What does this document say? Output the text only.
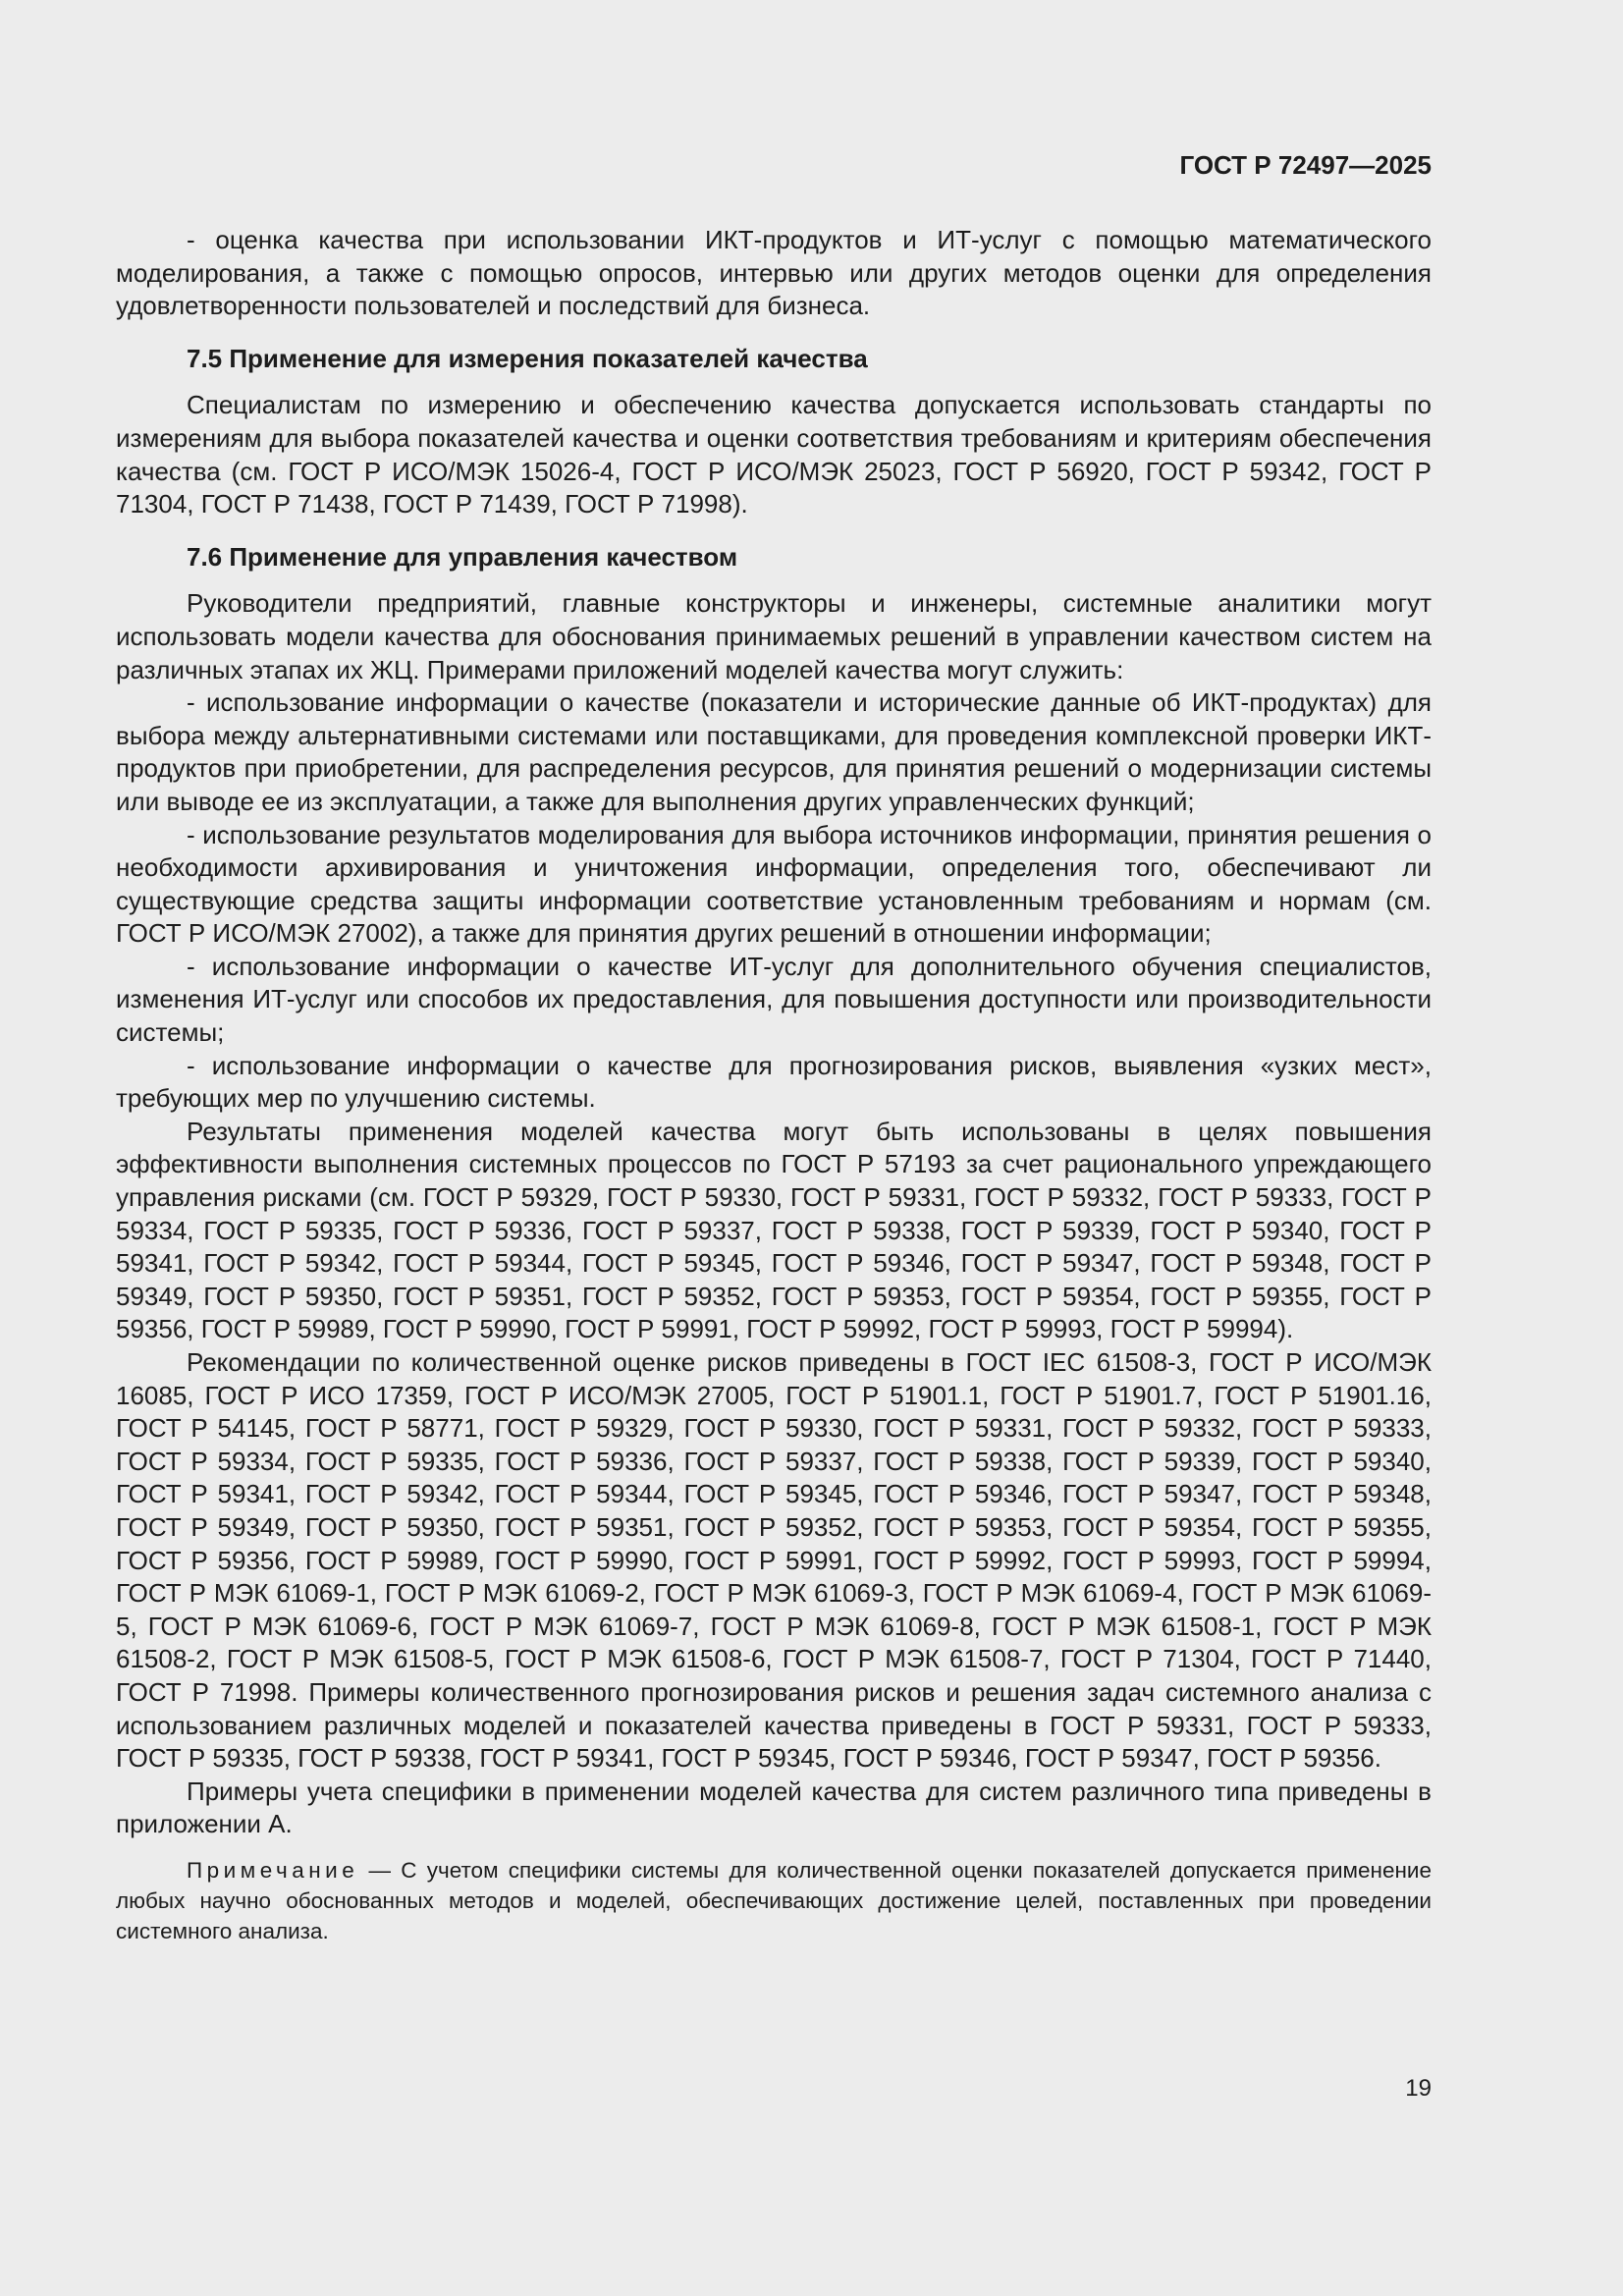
ГОСТ Р 72497—2025

- оценка качества при использовании ИКТ-продуктов и ИТ-услуг с помощью математического моделирования, а также с помощью опросов, интервью или других методов оценки для определения удовлетворенности пользователей и последствий для бизнеса.

7.5 Применение для измерения показателей качества

Специалистам по измерению и обеспечению качества допускается использовать стандарты по измерениям для выбора показателей качества и оценки соответствия требованиям и критериям обеспечения качества (см. ГОСТ Р ИСО/МЭК 15026-4, ГОСТ Р ИСО/МЭК 25023, ГОСТ Р 56920, ГОСТ Р 59342, ГОСТ Р 71304, ГОСТ Р 71438, ГОСТ Р 71439, ГОСТ Р 71998).

7.6 Применение для управления качеством

Руководители предприятий, главные конструкторы и инженеры, системные аналитики могут использовать модели качества для обоснования принимаемых решений в управлении качеством систем на различных этапах их ЖЦ. Примерами приложений моделей качества могут служить:

- использование информации о качестве (показатели и исторические данные об ИКТ-продуктах) для выбора между альтернативными системами или поставщиками, для проведения комплексной проверки ИКТ-продуктов при приобретении, для распределения ресурсов, для принятия решений о модернизации системы или выводе ее из эксплуатации, а также для выполнения других управленческих функций;

- использование результатов моделирования для выбора источников информации, принятия решения о необходимости архивирования и уничтожения информации, определения того, обеспечивают ли существующие средства защиты информации соответствие установленным требованиям и нормам (см. ГОСТ Р ИСО/МЭК 27002), а также для принятия других решений в отношении информации;

- использование информации о качестве ИТ-услуг для дополнительного обучения специалистов, изменения ИТ-услуг или способов их предоставления, для повышения доступности или производительности системы;

- использование информации о качестве для прогнозирования рисков, выявления «узких мест», требующих мер по улучшению системы.

Результаты применения моделей качества могут быть использованы в целях повышения эффективности выполнения системных процессов по ГОСТ Р 57193 за счет рационального упреждающего управления рисками (см. ГОСТ Р 59329, ГОСТ Р 59330, ГОСТ Р 59331, ГОСТ Р 59332, ГОСТ Р 59333, ГОСТ Р 59334, ГОСТ Р 59335, ГОСТ Р 59336, ГОСТ Р 59337, ГОСТ Р 59338, ГОСТ Р 59339, ГОСТ Р 59340, ГОСТ Р 59341, ГОСТ Р 59342, ГОСТ Р 59344, ГОСТ Р 59345, ГОСТ Р 59346, ГОСТ Р 59347, ГОСТ Р 59348, ГОСТ Р 59349, ГОСТ Р 59350, ГОСТ Р 59351, ГОСТ Р 59352, ГОСТ Р 59353, ГОСТ Р 59354, ГОСТ Р 59355, ГОСТ Р 59356, ГОСТ Р 59989, ГОСТ Р 59990, ГОСТ Р 59991, ГОСТ Р 59992, ГОСТ Р 59993, ГОСТ Р 59994).

Рекомендации по количественной оценке рисков приведены в ГОСТ IEC 61508-3, ГОСТ Р ИСО/МЭК 16085, ГОСТ Р ИСО 17359, ГОСТ Р ИСО/МЭК 27005, ГОСТ Р 51901.1, ГОСТ Р 51901.7, ГОСТ Р 51901.16, ГОСТ Р 54145, ГОСТ Р 58771, ГОСТ Р 59329, ГОСТ Р 59330, ГОСТ Р 59331, ГОСТ Р 59332, ГОСТ Р 59333, ГОСТ Р 59334, ГОСТ Р 59335, ГОСТ Р 59336, ГОСТ Р 59337, ГОСТ Р 59338, ГОСТ Р 59339, ГОСТ Р 59340, ГОСТ Р 59341, ГОСТ Р 59342, ГОСТ Р 59344, ГОСТ Р 59345, ГОСТ Р 59346, ГОСТ Р 59347, ГОСТ Р 59348, ГОСТ Р 59349, ГОСТ Р 59350, ГОСТ Р 59351, ГОСТ Р 59352, ГОСТ Р 59353, ГОСТ Р 59354, ГОСТ Р 59355, ГОСТ Р 59356, ГОСТ Р 59989, ГОСТ Р 59990, ГОСТ Р 59991, ГОСТ Р 59992, ГОСТ Р 59993, ГОСТ Р 59994, ГОСТ Р МЭК 61069-1, ГОСТ Р МЭК 61069-2, ГОСТ Р МЭК 61069-3, ГОСТ Р МЭК 61069-4, ГОСТ Р МЭК 61069-5, ГОСТ Р МЭК 61069-6, ГОСТ Р МЭК 61069-7, ГОСТ Р МЭК 61069-8, ГОСТ Р МЭК 61508-1, ГОСТ Р МЭК 61508-2, ГОСТ Р МЭК 61508-5, ГОСТ Р МЭК 61508-6, ГОСТ Р МЭК 61508-7, ГОСТ Р 71304, ГОСТ Р 71440, ГОСТ Р 71998. Примеры количественного прогнозирования рисков и решения задач системного анализа с использованием различных моделей и показателей качества приведены в ГОСТ Р 59331, ГОСТ Р 59333, ГОСТ Р 59335, ГОСТ Р 59338, ГОСТ Р 59341, ГОСТ Р 59345, ГОСТ Р 59346, ГОСТ Р 59347, ГОСТ Р 59356.

Примеры учета специфики в применении моделей качества для систем различного типа приведены в приложении А.

Примечание — С учетом специфики системы для количественной оценки показателей допускается применение любых научно обоснованных методов и моделей, обеспечивающих достижение целей, поставленных при проведении системного анализа.

19
